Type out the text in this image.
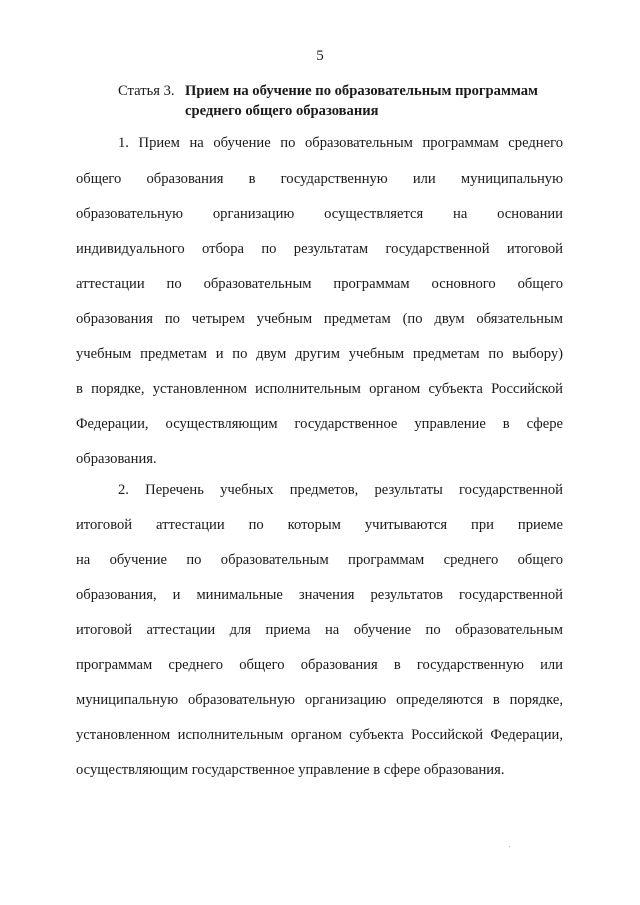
5
Статья 3. Прием на обучение по образовательным программам
среднего общего образования
1. Прием на обучение по образовательным программам среднего
общего образования в государственную или муниципальную
образовательную организацию осуществляется на основании
индивидуального отбора по результатам государственной итоговой
аттестации по образовательным программам основного общего
образования по четырем учебным предметам (по двум обязательным
учебным предметам и по двум другим учебным предметам по выбору)
в порядке, установленном исполнительным органом субъекта Российской
Федерации, осуществляющим государственное управление в сфере
образования.
2. Перечень учебных предметов, результаты государственной
итоговой аттестации по которым учитываются при приеме
на обучение по образовательным программам среднего общего
образования, и минимальные значения результатов государственной
итоговой аттестации для приема на обучение по образовательным
программам среднего общего образования в государственную или
муниципальную образовательную организацию определяются в порядке,
установленном исполнительным органом субъекта Российской Федерации,
осуществляющим государственное управление в сфере образования.
